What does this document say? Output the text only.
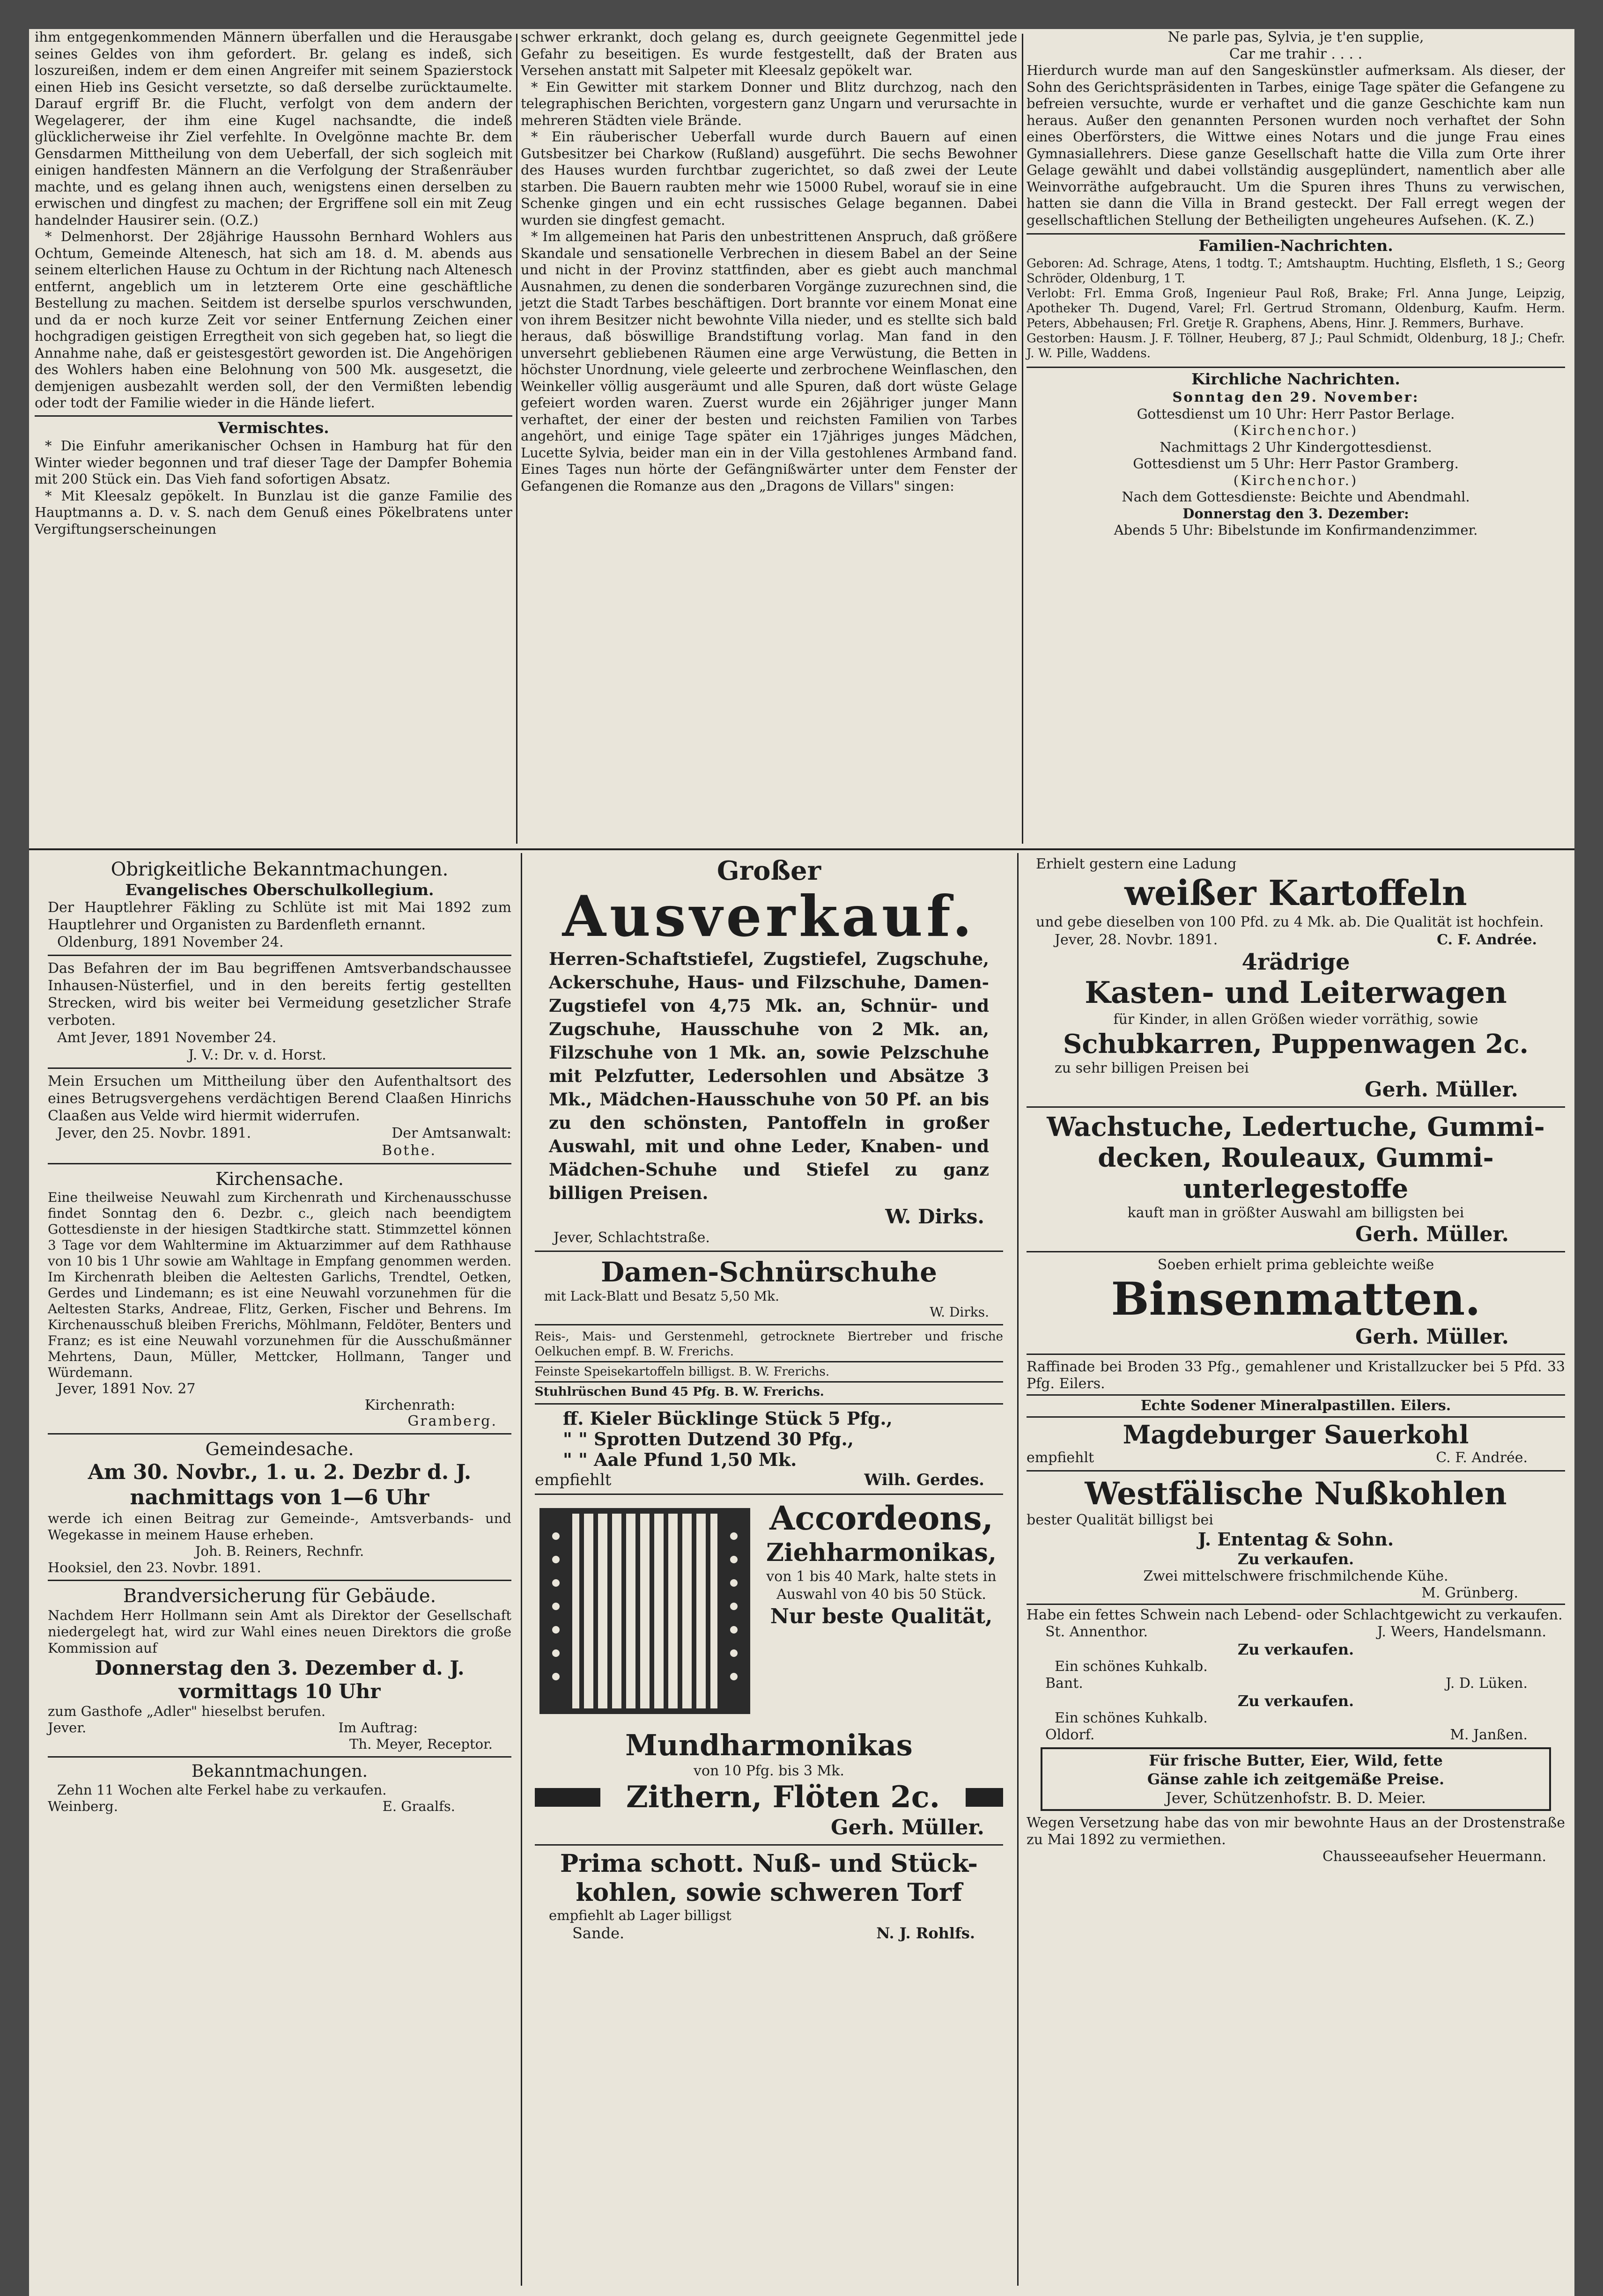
ihm entgegenkommenden Männern überfallen und die Herausgabe seines Geldes von ihm gefordert. Br. gelang es indeß, sich loszureißen, indem er dem einen Angreifer mit seinem Spazierstock einen Hieb ins Gesicht versetzte, so daß derselbe zurücktaumelte. Darauf ergriff Br. die Flucht, verfolgt von dem andern der Wegelagerer, der ihm eine Kugel nachsandte, die indeß glücklicherweise ihr Ziel verfehlte. In Ovelgönne machte Br. dem Gensdarmen Mittheilung von dem Ueberfall, der sich sogleich mit einigen handfesten Männern an die Verfolgung der Straßenräuber machte, und es gelang ihnen auch, wenigstens einen derselben zu erwischen und dingfest zu machen; der Ergriffene soll ein mit Zeug handelnder Hausirer sein. (O.Z.)

* Delmenhorst. Der 28jährige Haussohn Bernhard Wohlers aus Ochtum, Gemeinde Altenesch, hat sich am 18. d. M. abends aus seinem elterlichen Hause zu Ochtum in der Richtung nach Altenesch entfernt, angeblich um in letzterem Orte eine geschäftliche Bestellung zu machen. Seitdem ist derselbe spurlos verschwunden, und da er noch kurze Zeit vor seiner Entfernung Zeichen einer hochgradigen geistigen Erregtheit von sich gegeben hat, so liegt die Annahme nahe, daß er geistesgestört geworden ist. Die Angehörigen des Wohlers haben eine Belohnung von 500 Mk. ausgesetzt, die demjenigen ausbezahlt werden soll, der den Vermißten lebendig oder todt der Familie wieder in die Hände liefert.

Vermischtes.

* Die Einfuhr amerikanischer Ochsen in Hamburg hat für den Winter wieder begonnen und traf dieser Tage der Dampfer Bohemia mit 200 Stück ein. Das Vieh fand sofortigen Absatz.

* Mit Kleesalz gepökelt. In Bunzlau ist die ganze Familie des Hauptmanns a. D. v. S. nach dem Genuß eines Pökelbratens unter Vergiftungserscheinungen

schwer erkrankt, doch gelang es, durch geeignete Gegenmittel jede Gefahr zu beseitigen. Es wurde festgestellt, daß der Braten aus Versehen anstatt mit Salpeter mit Kleesalz gepökelt war.

* Ein Gewitter mit starkem Donner und Blitz durchzog, nach den telegraphischen Berichten, vorgestern ganz Ungarn und verursachte in mehreren Städten viele Brände.

* Ein räuberischer Ueberfall wurde durch Bauern auf einen Gutsbesitzer bei Charkow (Rußland) ausgeführt. Die sechs Bewohner des Hauses wurden furchtbar zugerichtet, so daß zwei der Leute starben. Die Bauern raubten mehr wie 15000 Rubel, worauf sie in eine Schenke gingen und ein echt russisches Gelage begannen. Dabei wurden sie dingfest gemacht.

* Im allgemeinen hat Paris den unbestrittenen Anspruch, daß größere Skandale und sensationelle Verbrechen in diesem Babel an der Seine und nicht in der Provinz stattfinden, aber es giebt auch manchmal Ausnahmen, zu denen die sonderbaren Vorgänge zuzurechnen sind, die jetzt die Stadt Tarbes beschäftigen. Dort brannte vor einem Monat eine von ihrem Besitzer nicht bewohnte Villa nieder, und es stellte sich bald heraus, daß böswillige Brandstiftung vorlag. Man fand in den unversehrt gebliebenen Räumen eine arge Verwüstung, die Betten in höchster Unordnung, viele geleerte und zerbrochene Weinflaschen, den Weinkeller völlig ausgeräumt und alle Spuren, daß dort wüste Gelage gefeiert worden waren. Zuerst wurde ein 26jähriger junger Mann verhaftet, der einer der besten und reichsten Familien von Tarbes angehört, und einige Tage später ein 17jähriges junges Mädchen, Lucette Sylvia, beider man ein in der Villa gestohlenes Armband fand. Eines Tages nun hörte der Gefängnißwärter unter dem Fenster der Gefangenen die Romanze aus den „Dragons de Villars" singen:

Ne parle pas, Sylvia, je t'en supplie,
Car me trahir . . . .

Hierdurch wurde man auf den Sangeskünstler aufmerksam. Als dieser, der Sohn des Gerichtspräsidenten in Tarbes, einige Tage später die Gefangene zu befreien versuchte, wurde er verhaftet und die ganze Geschichte kam nun heraus. Außer den genannten Personen wurden noch verhaftet der Sohn eines Oberförsters, die Wittwe eines Notars und die junge Frau eines Gymnasiallehrers. Diese ganze Gesellschaft hatte die Villa zum Orte ihrer Gelage gewählt und dabei vollständig ausgeplündert, namentlich aber alle Weinvorräthe aufgebraucht. Um die Spuren ihres Thuns zu verwischen, hatten sie dann die Villa in Brand gesteckt. Der Fall erregt wegen der gesellschaftlichen Stellung der Betheiligten ungeheures Aufsehen. (K. Z.)

Familien-Nachrichten.

Geboren: Ad. Schrage, Atens, 1 todtg. T.; Amtshauptm. Huchting, Elsfleth, 1 S.; Georg Schröder, Oldenburg, 1 T.
Verlobt: Frl. Emma Groß, Ingenieur Paul Roß, Brake; Frl. Anna Junge, Leipzig, Apotheker Th. Dugend, Varel; Frl. Gertrud Stromann, Oldenburg, Kaufm. Herm. Peters, Abbehausen; Frl. Gretje R. Graphens, Abens, Hinr. J. Remmers, Burhave.
Gestorben: Hausm. J. F. Töllner, Heuberg, 87 J.; Paul Schmidt, Oldenburg, 18 J.; Chefr. J. W. Pille, Waddens.

Kirchliche Nachrichten.

Sonntag den 29. November:
Gottesdienst um 10 Uhr: Herr Pastor Berlage.
(Kirchenchor.)
Nachmittags 2 Uhr Kindergottesdienst.
Gottesdienst um 5 Uhr: Herr Pastor Gramberg.
(Kirchenchor.)
Nach dem Gottesdienste: Beichte und Abendmahl.
Donnerstag den 3. Dezember:
Abends 5 Uhr: Bibelstunde im Konfirmandenzimmer.
Obrigkeitliche Bekanntmachungen.
Evangelisches Oberschulkollegium.
Der Hauptlehrer Fäkling zu Schlüte ist mit Mai 1892 zum Hauptlehrer und Organisten zu Bardenfleth ernannt.
Oldenburg, 1891 November 24.
Das Befahren der im Bau begriffenen Amtsverbandschaussee Inhausen-Nüsterfiel, und in den bereits fertig gestellten Strecken, wird bis weiter bei Vermeidung gesetzlicher Strafe verboten.
Amt Jever, 1891 November 24.
J. V.: Dr. v. d. Horst.
Mein Ersuchen um Mittheilung über den Aufenthaltsort des eines Betrugsvergehens verdächtigen Berend Claaßen Hinrichs Claaßen aus Velde wird hiermit widerrufen.
Jever, den 25. Novbr. 1891.	Der Amtsanwalt:
Bothe.
Kirchensache.
Eine theilweise Neuwahl zum Kirchenrath und Kirchenausschusse findet Sonntag den 6. Dezbr. c., gleich nach beendigtem Gottesdienste in der hiesigen Stadtkirche statt. Stimmzettel können 3 Tage vor dem Wahltermine im Aktuarzimmer auf dem Rathhause von 10 bis 1 Uhr sowie am Wahltage in Empfang genommen werden. Im Kirchenrath bleiben die Aeltesten Garlichs, Trendtel, Oetken, Gerdes und Lindemann; es ist eine Neuwahl vorzunehmen für die Aeltesten Starks, Andreae, Flitz, Gerken, Fischer und Behrens. Im Kirchenausschuß bleiben Frerichs, Möhlmann, Feldöter, Benters und Franz; es ist eine Neuwahl vorzunehmen für die Ausschußmänner Mehrtens, Daun, Müller, Mettcker, Hollmann, Tanger und Würdemann.
Jever, 1891 Nov. 27
Kirchenrath:
Gramberg.
Gemeindesache.
Am 30. Novbr., 1. u. 2. Dezbr d. J.
nachmittags von 1—6 Uhr
werde ich einen Beitrag zur Gemeinde-, Amtsverbands- und Wegekasse in meinem Hause erheben.
Joh. B. Reiners, Rechnfr.
Hooksiel, den 23. Novbr. 1891.
Brandversicherung für Gebäude.
Nachdem Herr Hollmann sein Amt als Direktor der Gesellschaft niedergelegt hat, wird zur Wahl eines neuen Direktors die große Kommission auf
Donnerstag den 3. Dezember d. J.
vormittags 10 Uhr
zum Gasthofe „Adler" hieselbst berufen.
Jever.	Im Auftrag:
Th. Meyer, Receptor.
Bekanntmachungen.
Zehn 11 Wochen alte Ferkel habe zu verkaufen.
Weinberg.	E. Graalfs.
Großer
Ausverkauf.
Herren-Schaftstiefel, Zugstiefel, Zugschuhe, Ackerschuhe, Haus- und Filzschuhe, Damen-Zugstiefel von 4,75 Mk. an, Schnür- und Zugschuhe, Hausschuhe von 2 Mk. an, Filzschuhe von 1 Mk. an, sowie Pelzschuhe mit Pelzfutter, Ledersohlen und Absätze 3 Mk., Mädchen-Hausschuhe von 50 Pf. an bis zu den schönsten, Pantoffeln in großer Auswahl, mit und ohne Leder, Knaben- und Mädchen-Schuhe und Stiefel zu ganz billigen Preisen.
W. Dirks.
Jever, Schlachtstraße.
Damen-Schnürschuhe
mit Lack-Blatt und Besatz 5,50 Mk.
W. Dirks.
Reis-, Mais- und Gerstenmehl, getrocknete Biertreber und frische Oelkuchen empf. B. W. Frerichs.
Feinste Speisekartoffeln billigst. B. W. Frerichs.
Stuhlrüschen Bund 45 Pfg. B. W. Frerichs.
ff. Kieler Bücklinge Stück 5 Pfg.,
" " Sprotten Dutzend 30 Pfg.,
" " Aale Pfund 1,50 Mk.
empfiehlt	Wilh. Gerdes.
Accordeons,
Ziehharmonikas,
von 1 bis 40 Mark, halte stets in Auswahl von 40 bis 50 Stück.
Nur beste Qualität,
Mundharmonikas
von 10 Pfg. bis 3 Mk.
Zithern, Flöten 2c.
Gerh. Müller.
Prima schott. Nuß- und Stück-
kohlen, sowie schweren Torf
empfiehlt ab Lager billigst
Sande.	N. J. Rohlfs.
Erhielt gestern eine Ladung
weißer Kartoffeln
und gebe dieselben von 100 Pfd. zu 4 Mk. ab. Die Qualität ist hochfein.
Jever, 28. Novbr. 1891.	C. F. Andrée.
4rädrige
Kasten- und Leiterwagen
für Kinder, in allen Größen wieder vorräthig, sowie
Schubkarren, Puppenwagen 2c.
zu sehr billigen Preisen bei
Gerh. Müller.
Wachstuche, Ledertuche, Gummi-
decken, Rouleaux, Gummi-
unterlegestoffe
kauft man in größter Auswahl am billigsten bei
Gerh. Müller.
Soeben erhielt prima gebleichte weiße
Binsenmatten.
Gerh. Müller.
Raffinade bei Broden 33 Pfg., gemahlener und Kristallzucker bei 5 Pfd. 33 Pfg. Eilers.
Echte Sodener Mineralpastillen. Eilers.
Magdeburger Sauerkohl
empfiehlt	C. F. Andrée.
Westfälische Nußkohlen
bester Qualität billigst bei
J. Ententag & Sohn.
Zu verkaufen.
Zwei mittelschwere frischmilchende Kühe.
M. Grünberg.
Habe ein fettes Schwein nach Lebend- oder Schlachtgewicht zu verkaufen.
St. Annenthor.	J. Weers, Handelsmann.
Zu verkaufen.
Ein schönes Kuhkalb.
Bant.	J. D. Lüken.
Zu verkaufen.
Ein schönes Kuhkalb.
Oldorf.	M. Janßen.
Für frische Butter, Eier, Wild, fette
Gänse zahle ich zeitgemäße Preise.
Jever, Schützenhofstr. B. D. Meier.
Wegen Versetzung habe das von mir bewohnte Haus an der Drostenstraße zu Mai 1892 zu vermiethen.
Chausseeaufseher Heuermann.
